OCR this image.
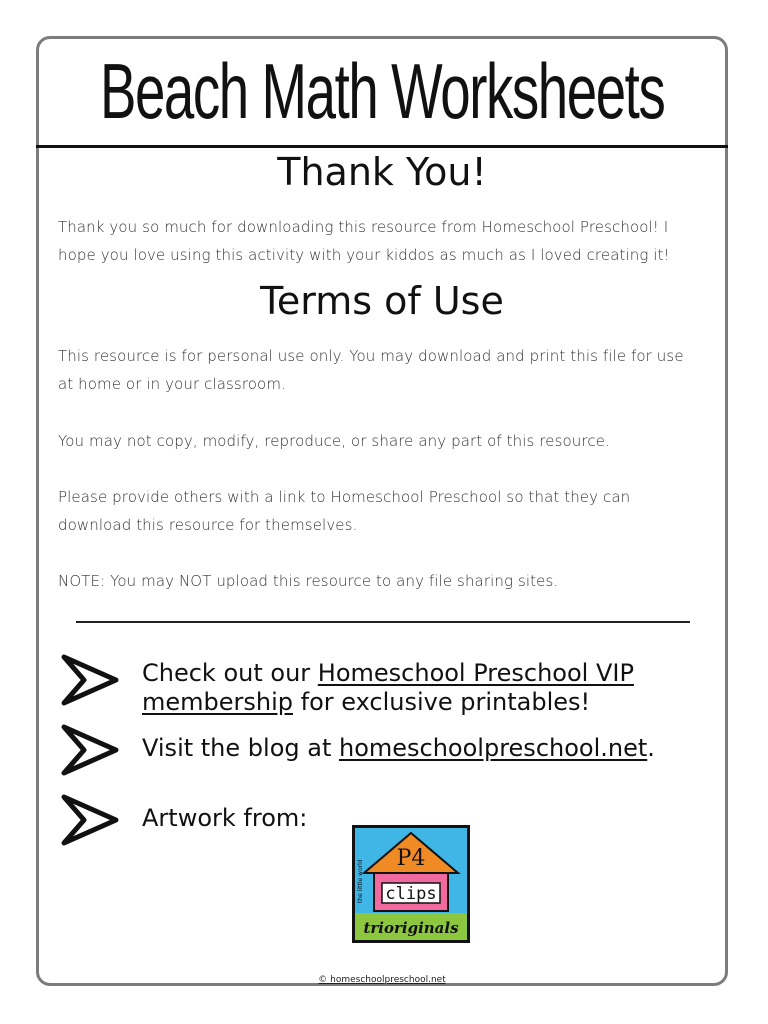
Beach Math Worksheets
Thank You!
Thank you so much for downloading this resource from Homeschool Preschool! I
hope you love using this activity with your kiddos as much as I loved creating it!
Terms of Use
This resource is for personal use only. You may download and print this file for use
at home or in your classroom.
You may not copy, modify, reproduce, or share any part of this resource.
Please provide others with a link to Homeschool Preschool so that they can
download this resource for themselves.
NOTE: You may NOT upload this resource to any file sharing sites.
Check out our Homeschool Preschool VIP
membership for exclusive printables!
Visit the blog at homeschoolpreschool.net.
Artwork from:
P4
clips
trioriginals
the little world
© homeschoolpreschool.net
